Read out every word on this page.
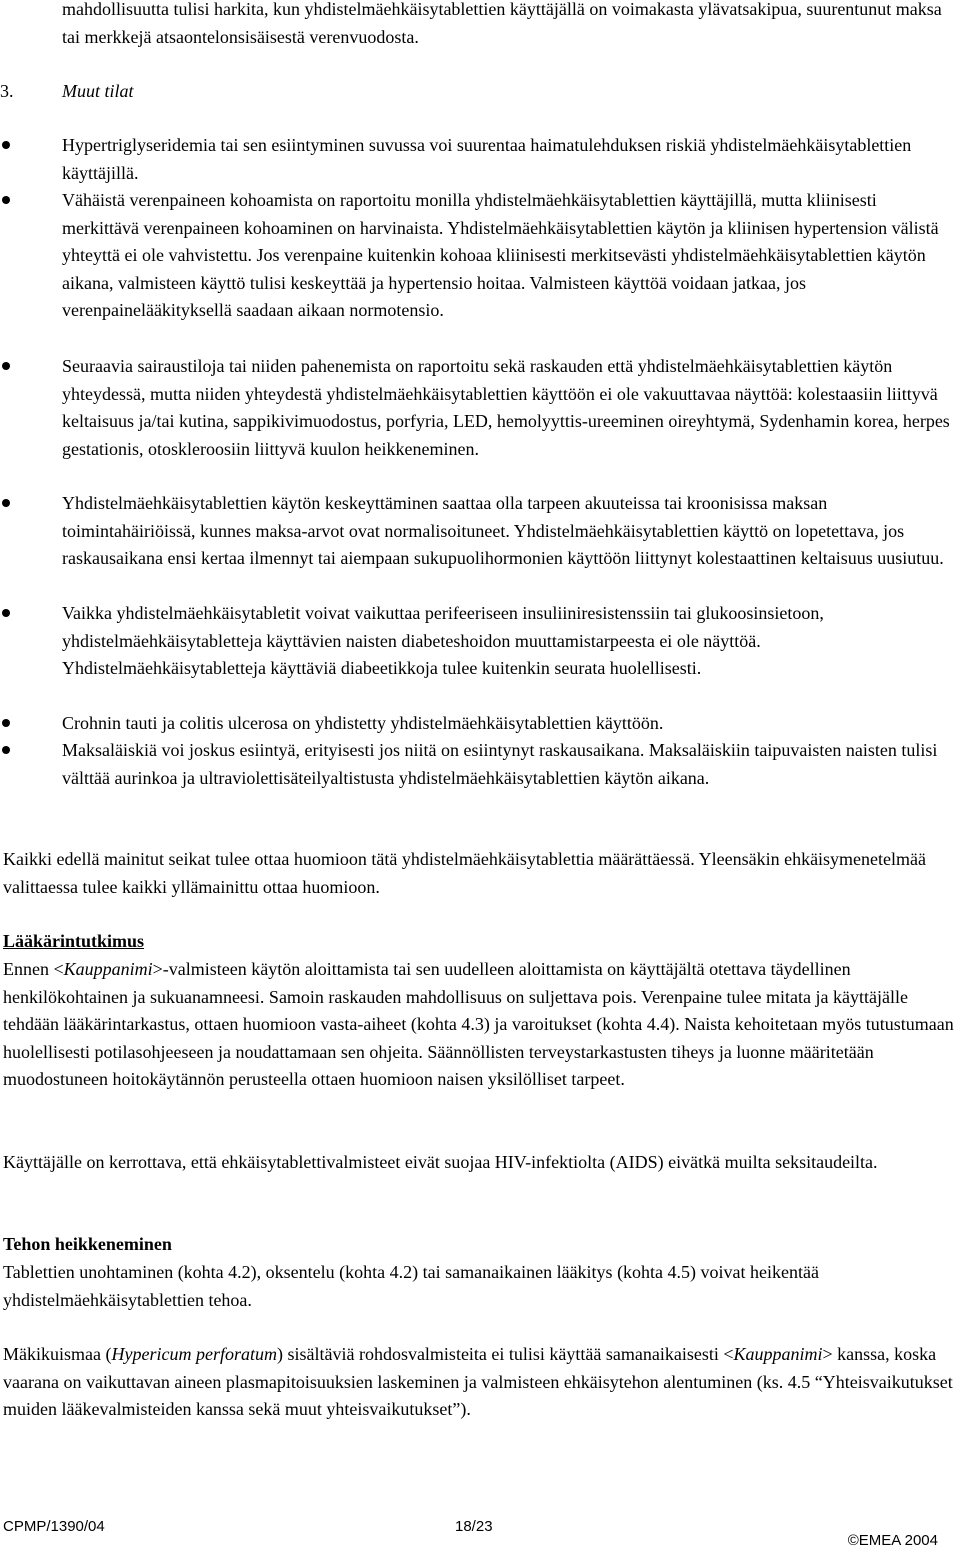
mahdollisuutta tulisi harkita, kun yhdistelmäehkäisytablettien käyttäjällä on voimakasta ylävatsakipua, suurentunut maksa tai merkkejä atsaontelonsisäisestä verenvuodosta.
3.	Muut tilat
Hypertriglyseridemia tai sen esiintyminen suvussa voi suurentaa haimatulehduksen riskiä yhdistelmäehkäisytablettien käyttäjillä.
Vähäistä verenpaineen kohoamista on raportoitu monilla yhdistelmäehkäisytablettien käyttäjillä, mutta kliinisesti merkittävä verenpaineen kohoaminen on harvinaista. Yhdistelmäehkäisytablettien käytön ja kliinisen hypertension välistä yhteyttä ei ole vahvistettu. Jos verenpaine kuitenkin kohoaa kliinisesti merkitsevästi yhdistelmäehkäisytablettien käytön aikana, valmisteen käyttö tulisi keskeyttää ja hypertensio hoitaa. Valmisteen käyttöä voidaan jatkaa, jos verenpainelääkityksellä saadaan aikaan normotensio.
Seuraavia sairaustiloja tai niiden pahenemista on raportoitu sekä raskauden että yhdistelmäehkäisytablettien käytön yhteydessä, mutta niiden yhteydestä yhdistelmäehkäisytablettien käyttöön ei ole vakuuttavaa näyttöä: kolestaasiin liittyvä keltaisuus ja/tai kutina, sappikivimuodostus, porfyria, LED, hemolyyttis-ureeminen oireyhtymä, Sydenhamin korea, herpes gestationis, otoskleroosiin liittyvä kuulon heikkeneminen.
Yhdistelmäehkäisytablettien käytön keskeyttäminen saattaa olla tarpeen akuuteissa tai kroonisissa maksan toimintahäiriöissä, kunnes maksa-arvot ovat normalisoituneet. Yhdistelmäehkäisytablettien käyttö on lopetettava, jos raskausaikana ensi kertaa ilmennyt tai aiempaan sukupuolihormonien käyttöön liittynyt kolestaattinen keltaisuus uusiutuu.
Vaikka yhdistelmäehkäisytabletit voivat vaikuttaa perifeeriseen insuliiniresistenssiin tai glukoosinsietoon, yhdistelmäehkäisytabletteja käyttävien naisten diabeteshoidon muuttamistarpeesta ei ole näyttöä. Yhdistelmäehkäisytabletteja käyttäviä diabeetikkoja tulee kuitenkin seurata huolellisesti.
Crohnin tauti ja colitis ulcerosa on yhdistetty yhdistelmäehkäisytablettien käyttöön.
Maksaläiskiä voi joskus esiintyä, erityisesti jos niitä on esiintynyt raskausaikana. Maksaläiskiin taipuvaisten naisten tulisi välttää aurinkoa ja ultraviolettisäteilyaltistusta yhdistelmäehkäisytablettien käytön aikana.
Kaikki edellä mainitut seikat tulee ottaa huomioon tätä yhdistelmäehkäisytablettia määrättäessä. Yleensäkin ehkäisymenetelmää valittaessa tulee kaikki yllämainittu ottaa huomioon.
Lääkärintutkimus
Ennen <Kauppanimi>-valmisteen käytön aloittamista tai sen uudelleen aloittamista on käyttäjältä otettava täydellinen henkilökohtainen ja sukuanamneesi. Samoin raskauden mahdollisuus on suljettava pois. Verenpaine tulee mitata ja käyttäjälle tehdään lääkärintarkastus, ottaen huomioon vasta-aiheet (kohta 4.3) ja varoitukset (kohta 4.4). Naista kehoitetaan myös tutustumaan huolellisesti potilasohjeeseen ja noudattamaan sen ohjeita. Säännöllisten terveystarkastusten tiheys ja luonne määritetään muodostuneen hoitokäytännön perusteella ottaen huomioon naisen yksilölliset tarpeet.
Käyttäjälle on kerrottava, että ehkäisytablettivalmisteet eivät suojaa HIV-infektiolta (AIDS) eivätkä muilta seksitaudeilta.
Tehon heikkeneminen
Tablettien unohtaminen (kohta 4.2), oksentelu (kohta 4.2) tai samanaikainen lääkitys (kohta 4.5) voivat heikentää yhdistelmäehkäisytablettien tehoa.
Mäkikuismaa (Hypericum perforatum) sisältäviä rohdosvalmisteita ei tulisi käyttää samanaikaisesti <Kauppanimi> kanssa, koska vaarana on vaikuttavan aineen plasmapitoisuuksien laskeminen ja valmisteen ehkäisytehon alentuminen (ks. 4.5 “Yhteisvaikutukset muiden lääkevalmisteiden kanssa sekä muut yhteisvaikutukset”).
CPMP/1390/04	18/23
©EMEA 2004
